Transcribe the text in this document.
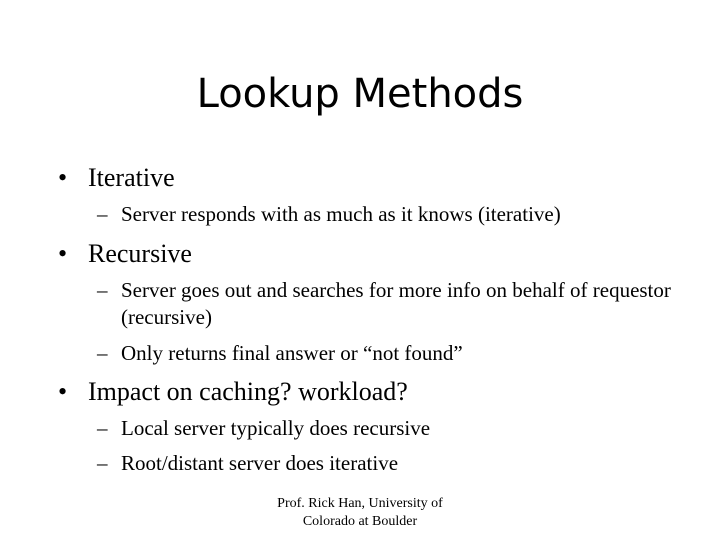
Lookup Methods
• Iterative
– Server responds with as much as it knows (iterative)
• Recursive
– Server goes out and searches for more info on behalf of requestor (recursive)
– Only returns final answer or “not found”
• Impact on caching? workload?
– Local server typically does recursive
– Root/distant server does iterative
Prof. Rick Han, University of
Colorado at Boulder
